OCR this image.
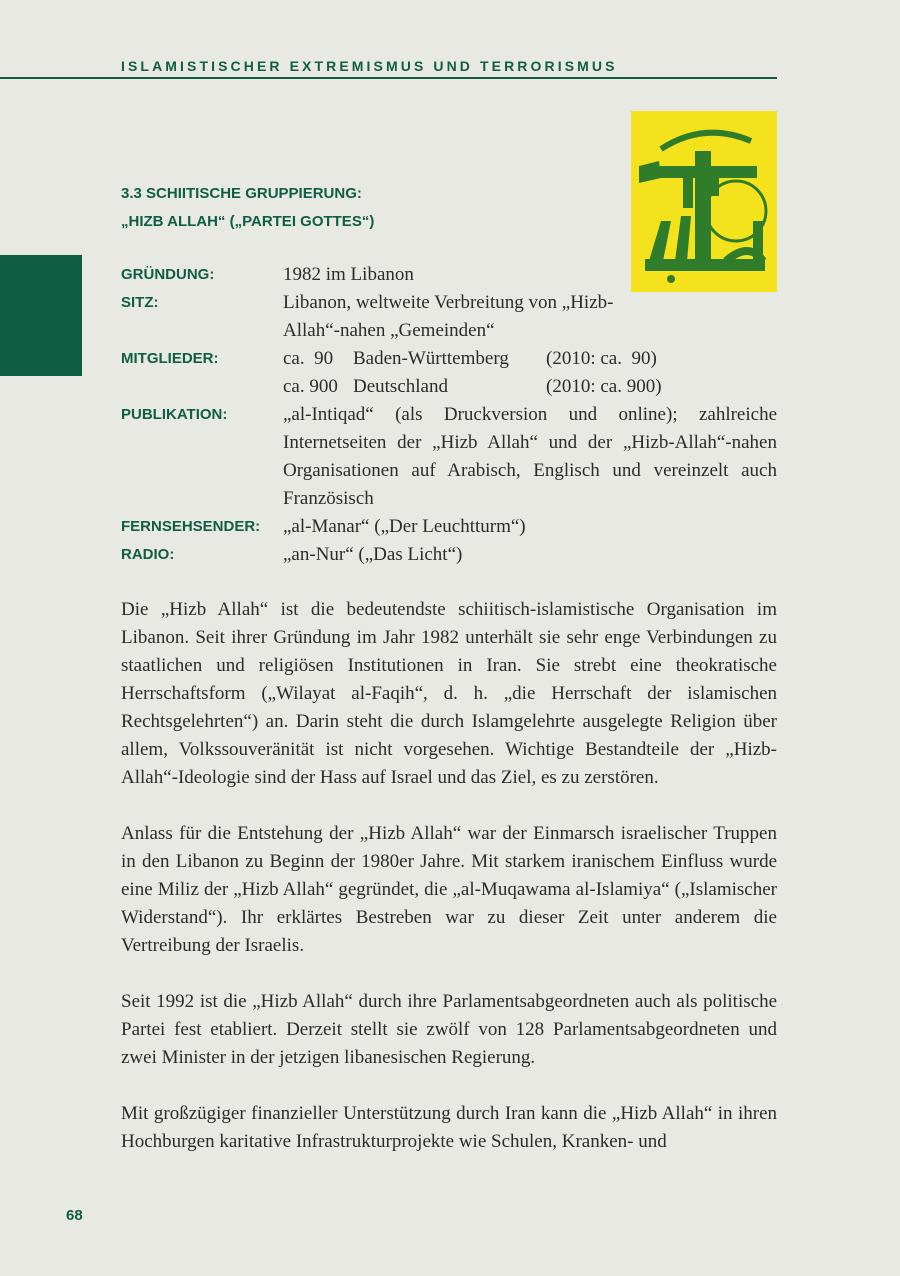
ISLAMISTISCHER EXTREMISMUS UND TERRORISMUS
3.3 SCHIITISCHE GRUPPIERUNG:
„HIZB ALLAH“ („PARTEI GOTTES“)
GRÜNDUNG:	1982 im Libanon
SITZ:	Libanon, weltweite Verbreitung von „Hizb-Allah“-nahen „Gemeinden“
MITGLIEDER:	ca.  90	Baden-Württemberg	(2010: ca.  90)
ca. 900 Deutschland	(2010: ca. 900)
PUBLIKATION:	„al-Intiqad“ (als Druckversion und online); zahlreiche Internetseiten der „Hizb Allah“ und der „Hizb-Allah“-nahen Organisationen auf Arabisch, Englisch und vereinzelt auch Französisch
FERNSEHSENDER:	„al-Manar“ („Der Leuchtturm“)
RADIO:	„an-Nur“ („Das Licht“)

Die „Hizb Allah“ ist die bedeutendste schiitisch-islamistische Organisation im Libanon. Seit ihrer Gründung im Jahr 1982 unterhält sie sehr enge Verbindungen zu staatlichen und religiösen Institutionen in Iran. Sie strebt eine theokratische Herrschaftsform („Wilayat al-Faqih“, d. h. „die Herrschaft der islamischen Rechtsgelehrten“) an. Darin steht die durch Islamgelehrte ausgelegte Religion über allem, Volkssouveränität ist nicht vorgesehen. Wichtige Bestandteile der „Hizb-Allah“-Ideologie sind der Hass auf Israel und das Ziel, es zu zerstören.

Anlass für die Entstehung der „Hizb Allah“ war der Einmarsch israelischer Truppen in den Libanon zu Beginn der 1980er Jahre. Mit starkem iranischem Einfluss wurde eine Miliz der „Hizb Allah“ gegründet, die „al-Muqawama al-Islamiya“ („Islamischer Widerstand“). Ihr erklärtes Bestreben war zu dieser Zeit unter anderem die Vertreibung der Israelis.

Seit 1992 ist die „Hizb Allah“ durch ihre Parlamentsabgeordneten auch als politische Partei fest etabliert. Derzeit stellt sie zwölf von 128 Parlamentsabgeordneten und zwei Minister in der jetzigen libanesischen Regierung.

Mit großzügiger finanzieller Unterstützung durch Iran kann die „Hizb Allah“ in ihren Hochburgen karitative Infrastrukturprojekte wie Schulen, Kranken- und

68
